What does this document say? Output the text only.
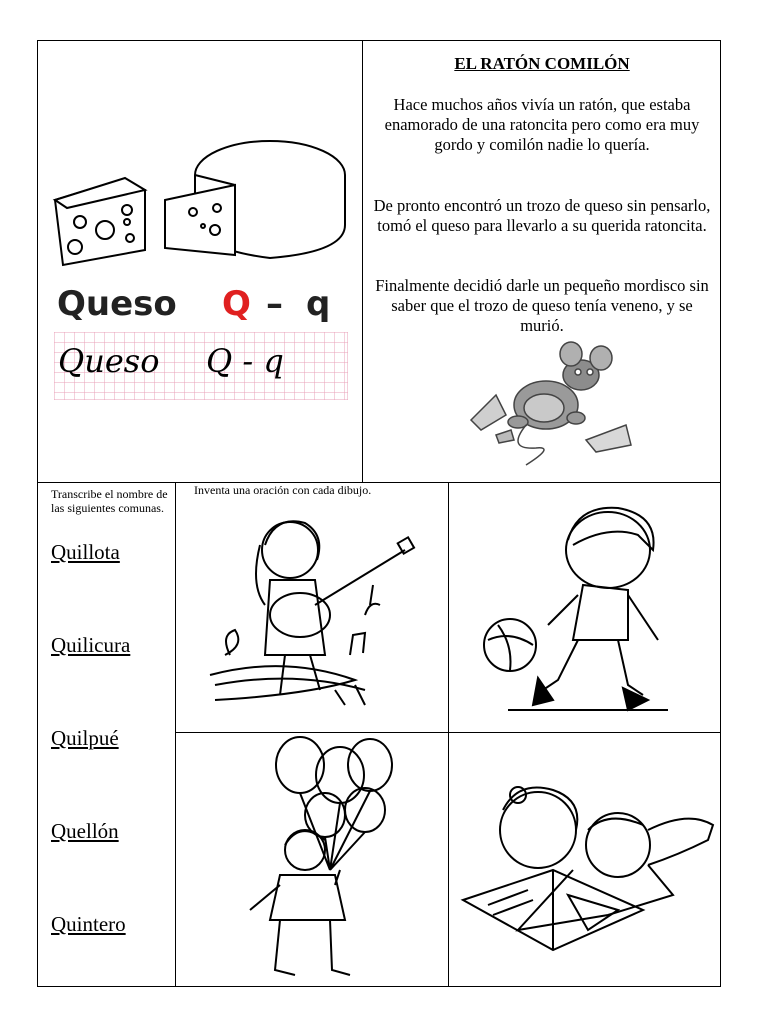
Queso Q – q
Queso Q - q
EL RATÓN COMILÓN

Hace muchos años vivía un ratón, que estaba enamorado de una ratoncita pero como era muy gordo y comilón nadie lo quería.

De pronto encontró un trozo de queso sin pensarlo, tomó el queso para llevarlo a su querida ratoncita.

Finalmente decidió darle un pequeño mordisco sin saber que el trozo de queso tenía veneno, y se murió.

Transcribe el nombre de las siguientes comunas.

Quillota
Quilicura
Quilpué
Quellón
Quintero

Inventa una oración con cada dibujo.
